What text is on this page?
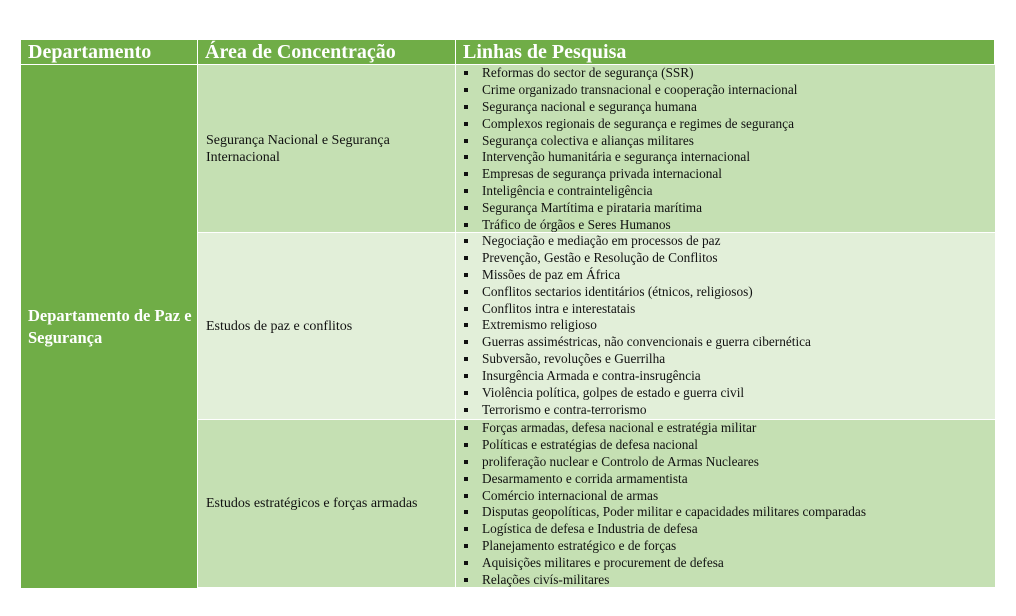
Departamento	Área de Concentração	Linhas de Pesquisa
Departamento de Paz e Segurança
Segurança Nacional e Segurança Internacional
Reformas do sector de segurança (SSR)
Crime organizado transnacional e cooperação internacional
Segurança nacional e segurança humana
Complexos regionais de segurança e regimes de segurança
Segurança colectiva e alianças militares
Intervenção humanitária e segurança internacional
Empresas de segurança privada internacional
Inteligência e contrainteligência
Segurança Martítima e pirataria marítima
Tráfico de órgãos e Seres Humanos
Estudos de paz e conflitos
Negociação e mediação em processos de paz
Prevenção, Gestão e Resolução de Conflitos
Missões de paz em África
Conflitos sectarios identitários (étnicos, religiosos)
Conflitos intra e interestatais
Extremismo religioso
Guerras assiméstricas, não convencionais e guerra cibernética
Subversão, revoluções e Guerrilha
Insurgência Armada e contra-insrugência
Violência política, golpes de estado e guerra civil
Terrorismo e contra-terrorismo
Estudos estratégicos e forças armadas
Forças armadas, defesa nacional e estratégia militar
Políticas e estratégias de defesa nacional
proliferação nuclear e Controlo de Armas Nucleares
Desarmamento e corrida armamentista
Comércio internacional de armas
Disputas geopolíticas, Poder militar e capacidades militares comparadas
Logística de defesa e Industria de defesa
Planejamento estratégico e de forças
Aquisições militares e procurement de defesa
Relações civís-militares
